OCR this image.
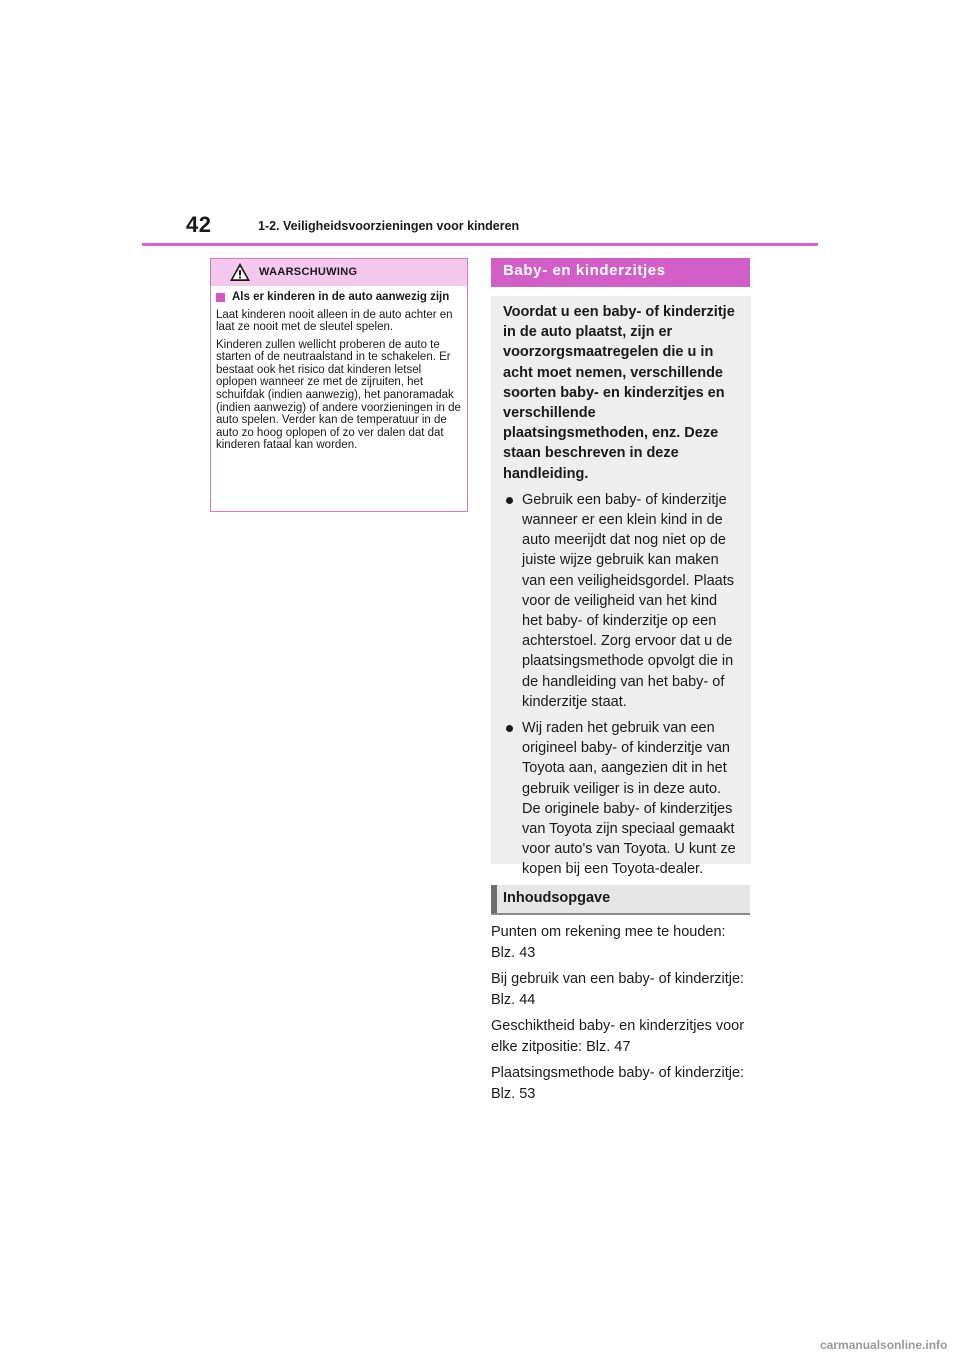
42	1-2. Veiligheidsvoorzieningen voor kinderen
WAARSCHUWING
Als er kinderen in de auto aanwezig zijn

Laat kinderen nooit alleen in de auto achter en laat ze nooit met de sleutel spelen.

Kinderen zullen wellicht proberen de auto te starten of de neutraalstand in te schakelen. Er bestaat ook het risico dat kinderen letsel oplopen wanneer ze met de zijruiten, het schuifdak (indien aanwezig), het panoramadak (indien aanwezig) of andere voorzieningen in de auto spelen. Verder kan de temperatuur in de auto zo hoog oplopen of zo ver dalen dat dat kinderen fataal kan worden.

Baby- en kinderzitjes

Voordat u een baby- of kinderzitje in de auto plaatst, zijn er voorzorgsmaatregelen die u in acht moet nemen, verschillende soorten baby- en kinderzitjes en verschillende plaatsingsmethoden, enz. Deze staan beschreven in deze handleiding.

Gebruik een baby- of kinderzitje wanneer er een klein kind in de auto meerijdt dat nog niet op de juiste wijze gebruik kan maken van een veiligheidsgordel. Plaats voor de veiligheid van het kind het baby- of kinderzitje op een achterstoel. Zorg ervoor dat u de plaatsingsmethode opvolgt die in de handleiding van het baby- of kinderzitje staat.
Wij raden het gebruik van een origineel baby- of kinderzitje van Toyota aan, aangezien dit in het gebruik veiliger is in deze auto. De originele baby- of kinderzitjes van Toyota zijn speciaal gemaakt voor auto's van Toyota. U kunt ze kopen bij een Toyota-dealer.
Inhoudsopgave

Punten om rekening mee te houden: Blz. 43

Bij gebruik van een baby- of kinderzitje: Blz. 44

Geschiktheid baby- en kinderzitjes voor elke zitpositie: Blz. 47

Plaatsingsmethode baby- of kinderzitje: Blz. 53

carmanualsonline.info
